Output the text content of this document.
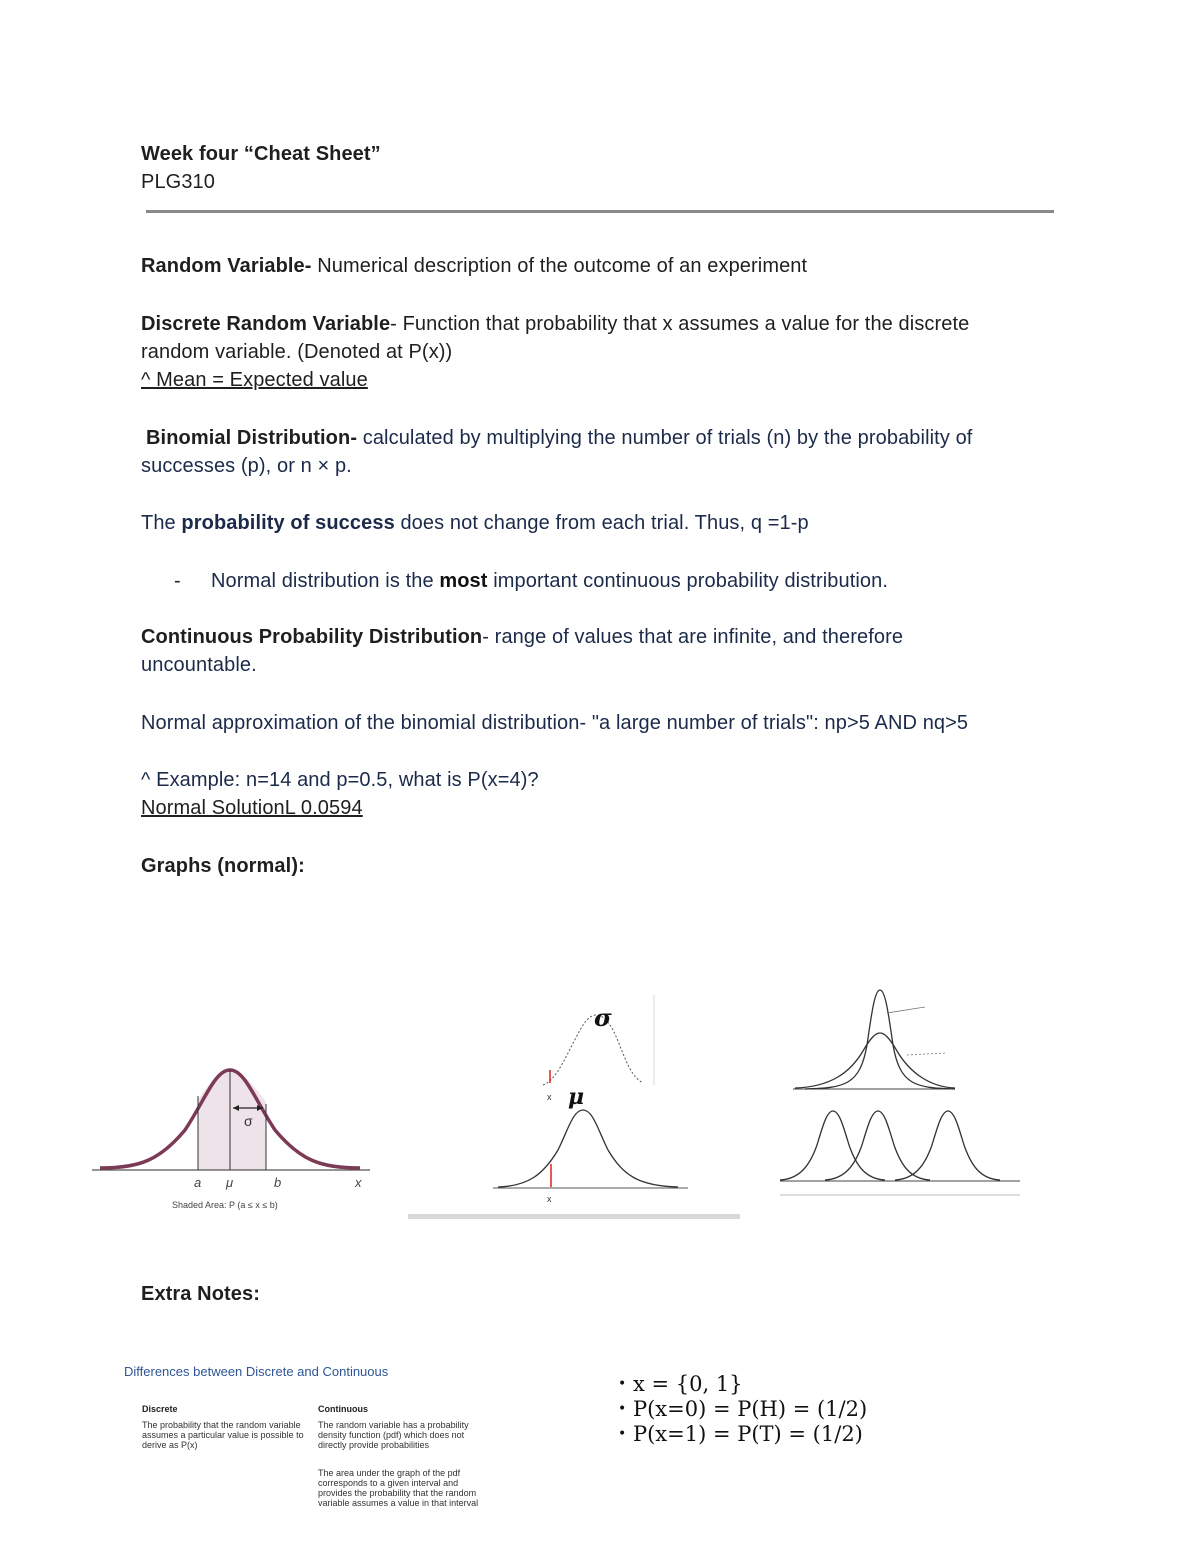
Week four “Cheat Sheet”
PLG310
Random Variable- Numerical description of the outcome of an experiment
Discrete Random Variable- Function that probability that x assumes a value for the discrete
random variable. (Denoted at P(x))
^ Mean = Expected value
Binomial Distribution- calculated by multiplying the number of trials (n) by the probability of
successes (p), or n × p.
The probability of success does not change from each trial. Thus, q =1-p
- Normal distribution is the most important continuous probability distribution.
Continuous Probability Distribution- range of values that are infinite, and therefore
uncountable.
Normal approximation of the binomial distribution- "a large number of trials": np>5 AND nq>5
^ Example: n=14 and p=0.5, what is P(x=4)?
Normal SolutionL 0.0594
Graphs (normal):
σ
a μ	b	x
Shaded Area: P (a ≤ x ≤ b)
σ
x μ
x
Extra Notes:
Differences between Discrete and Continuous
Discrete
The probability that the random variable assumes a particular value is possible to derive as P(x)
Continuous
The random variable has a probability density function (pdf) which does not directly provide probabilities
The area under the graph of the pdf corresponds to a given interval and provides the probability that the random variable assumes a value in that interval
• x = {0, 1}
• P(x=0) = P(H) = (1/2)
• P(x=1) = P(T) = (1/2)
